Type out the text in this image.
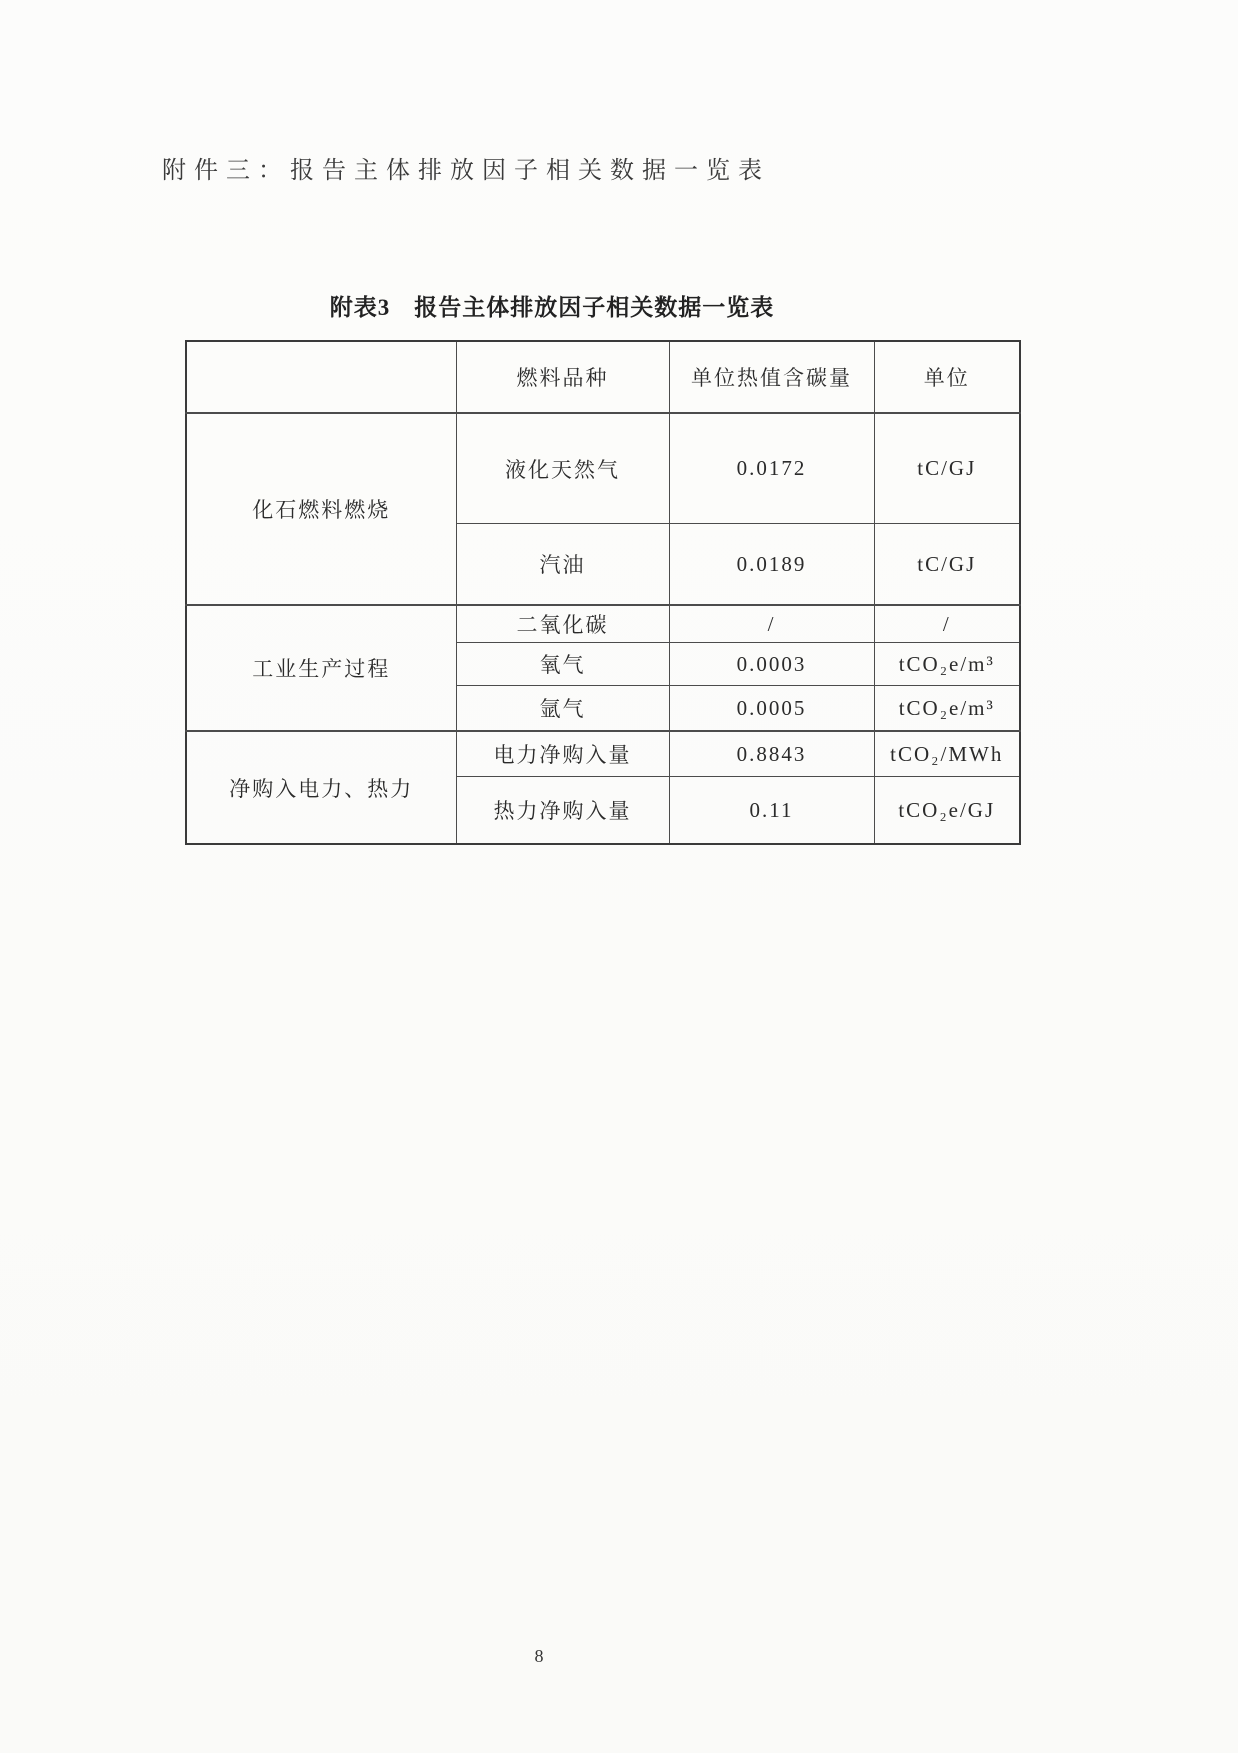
附件三：报告主体排放因子相关数据一览表
附表3　报告主体排放因子相关数据一览表
	燃料品种	单位热值含碳量	单位
化石燃料燃烧	液化天然气	0.0172	tC/GJ
	汽油	0.0189	tC/GJ
工业生产过程	二氧化碳	/	/
	氧气	0.0003	tCO₂e/m³
	氩气	0.0005	tCO₂e/m³
净购入电力、热力	电力净购入量	0.8843	tCO₂/MWh
	热力净购入量	0.11	tCO₂e/GJ
8
